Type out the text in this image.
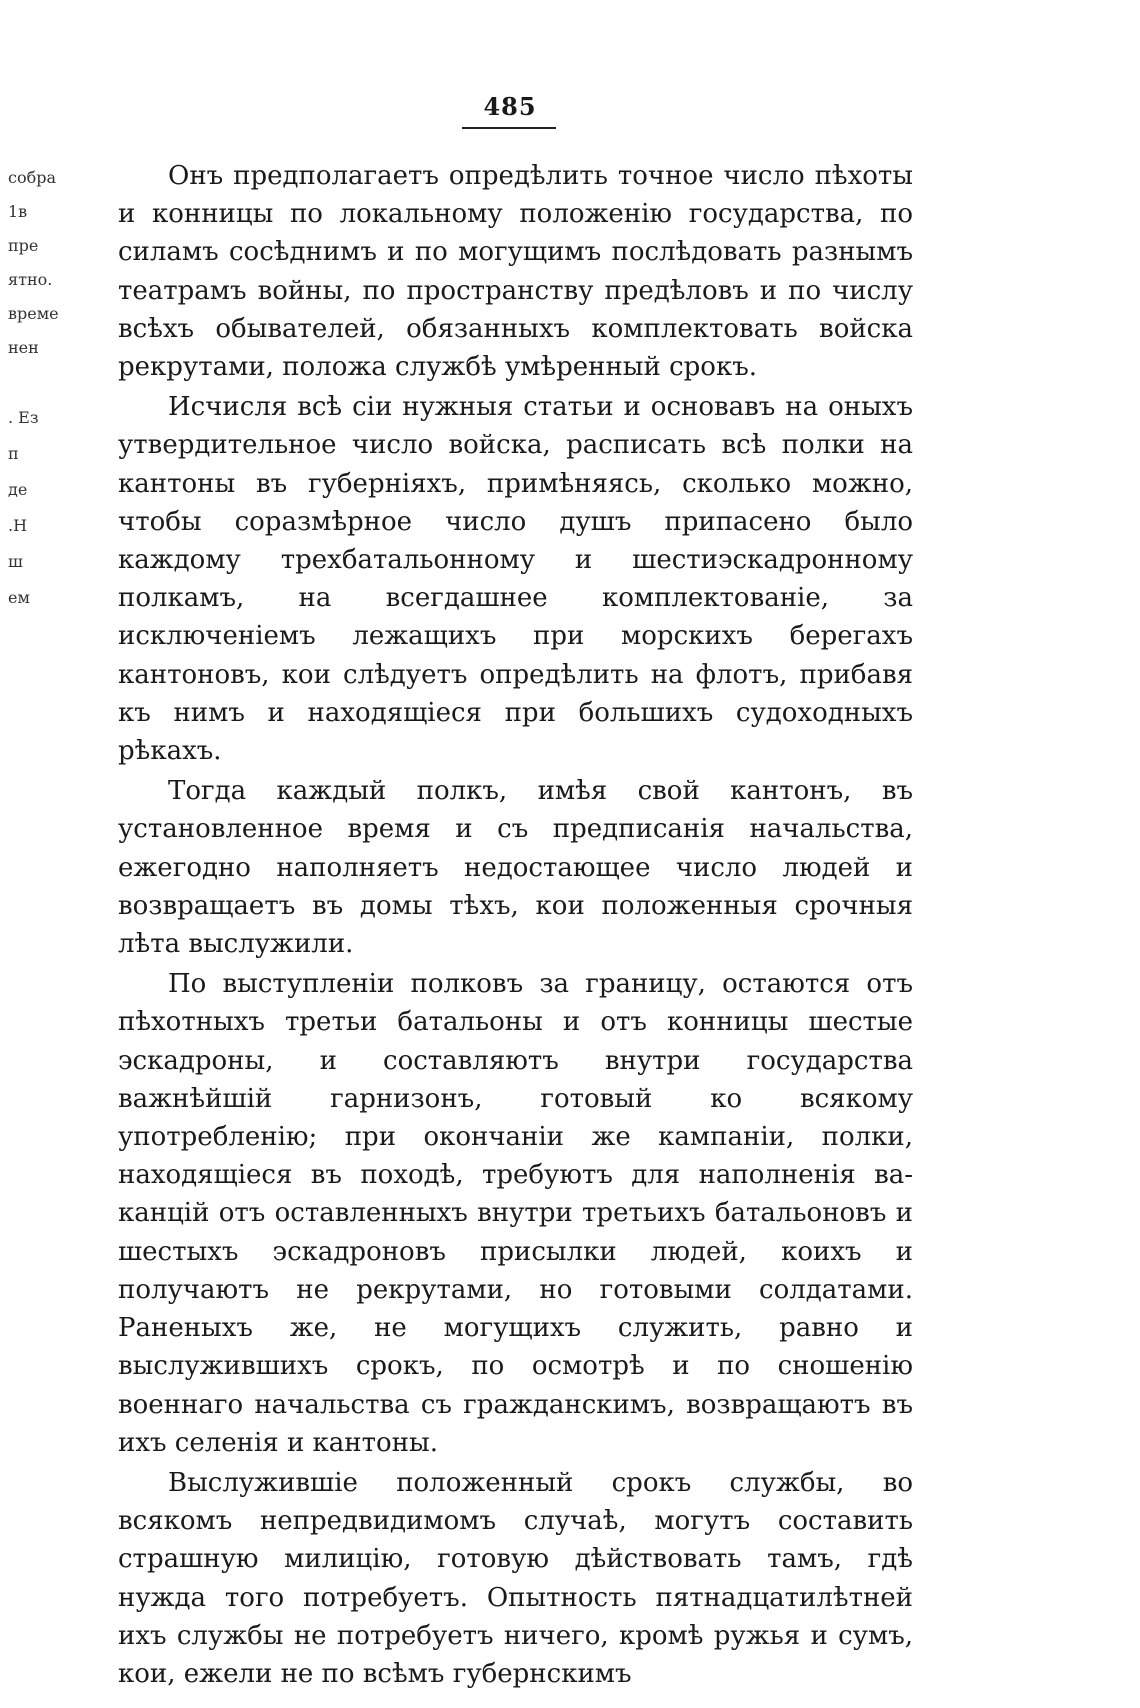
485
собра
1в
пре
ятно.
време
нен
. Ез
п
де
.Н
ш
ем

Онъ предполагаетъ опредѣлить точное число пѣхоты и конницы по локальному положенію государства, по силамъ сосѣднимъ и по могущимъ послѣдовать разнымъ театрамъ войны, по пространству предѣловъ и по числу всѣхъ обывателей, обязанныхъ комплектовать войска рекрутами, положа службѣ умѣренный срокъ.

Исчисля всѣ сіи нужныя статьи и основавъ на оныхъ утвердительное число войска, расписать всѣ полки на кантоны въ губерніяхъ, примѣняясь, сколько можно, чтобы соразмѣрное число душъ припасено было каждому трехбатальонному и шестиэскадронному полкамъ, на всегдашнее комплектованіе, за исключеніемъ лежащихъ при морскихъ берегахъ кантоновъ, кои слѣдуетъ опредѣлить на флотъ, прибавя къ нимъ и находящіеся при большихъ судоходныхъ рѣкахъ.

Тогда каждый полкъ, имѣя свой кантонъ, въ установленное время и съ предписанія начальства, ежегодно наполняетъ недостающее число людей и возвращаетъ въ домы тѣхъ, кои положенныя срочныя лѣта выслужили.

По выступленіи полковъ за границу, остаются отъ пѣхотныхъ третьи батальоны и отъ конницы шестые эскадроны, и составляютъ внутри государства важнѣйшій гарнизонъ, готовый ко всякому употребленію; при окончаніи же кампаніи, полки, находящіеся въ походѣ, требуютъ для наполненія ваканцій отъ оставленныхъ внутри третьихъ батальоновъ и шестыхъ эскадроновъ присылки людей, коихъ и получаютъ не рекрутами, но готовыми солдатами. Раненыхъ же, не могущихъ служить, равно и выслужившихъ срокъ, по осмотрѣ и по сношенію военнаго начальства съ гражданскимъ, возвращаютъ въ ихъ селенія и кантоны.

Выслужившіе положенный срокъ службы, во всякомъ непредвидимомъ случаѣ, могутъ составить страшную милицію, готовую дѣйствовать тамъ, гдѣ нужда того потребуетъ. Опытность пятнадцатилѣтней ихъ службы не потребуетъ ничего, кромѣ ружья и сумъ, кои, ежели не по всѣмъ губернскимъ
